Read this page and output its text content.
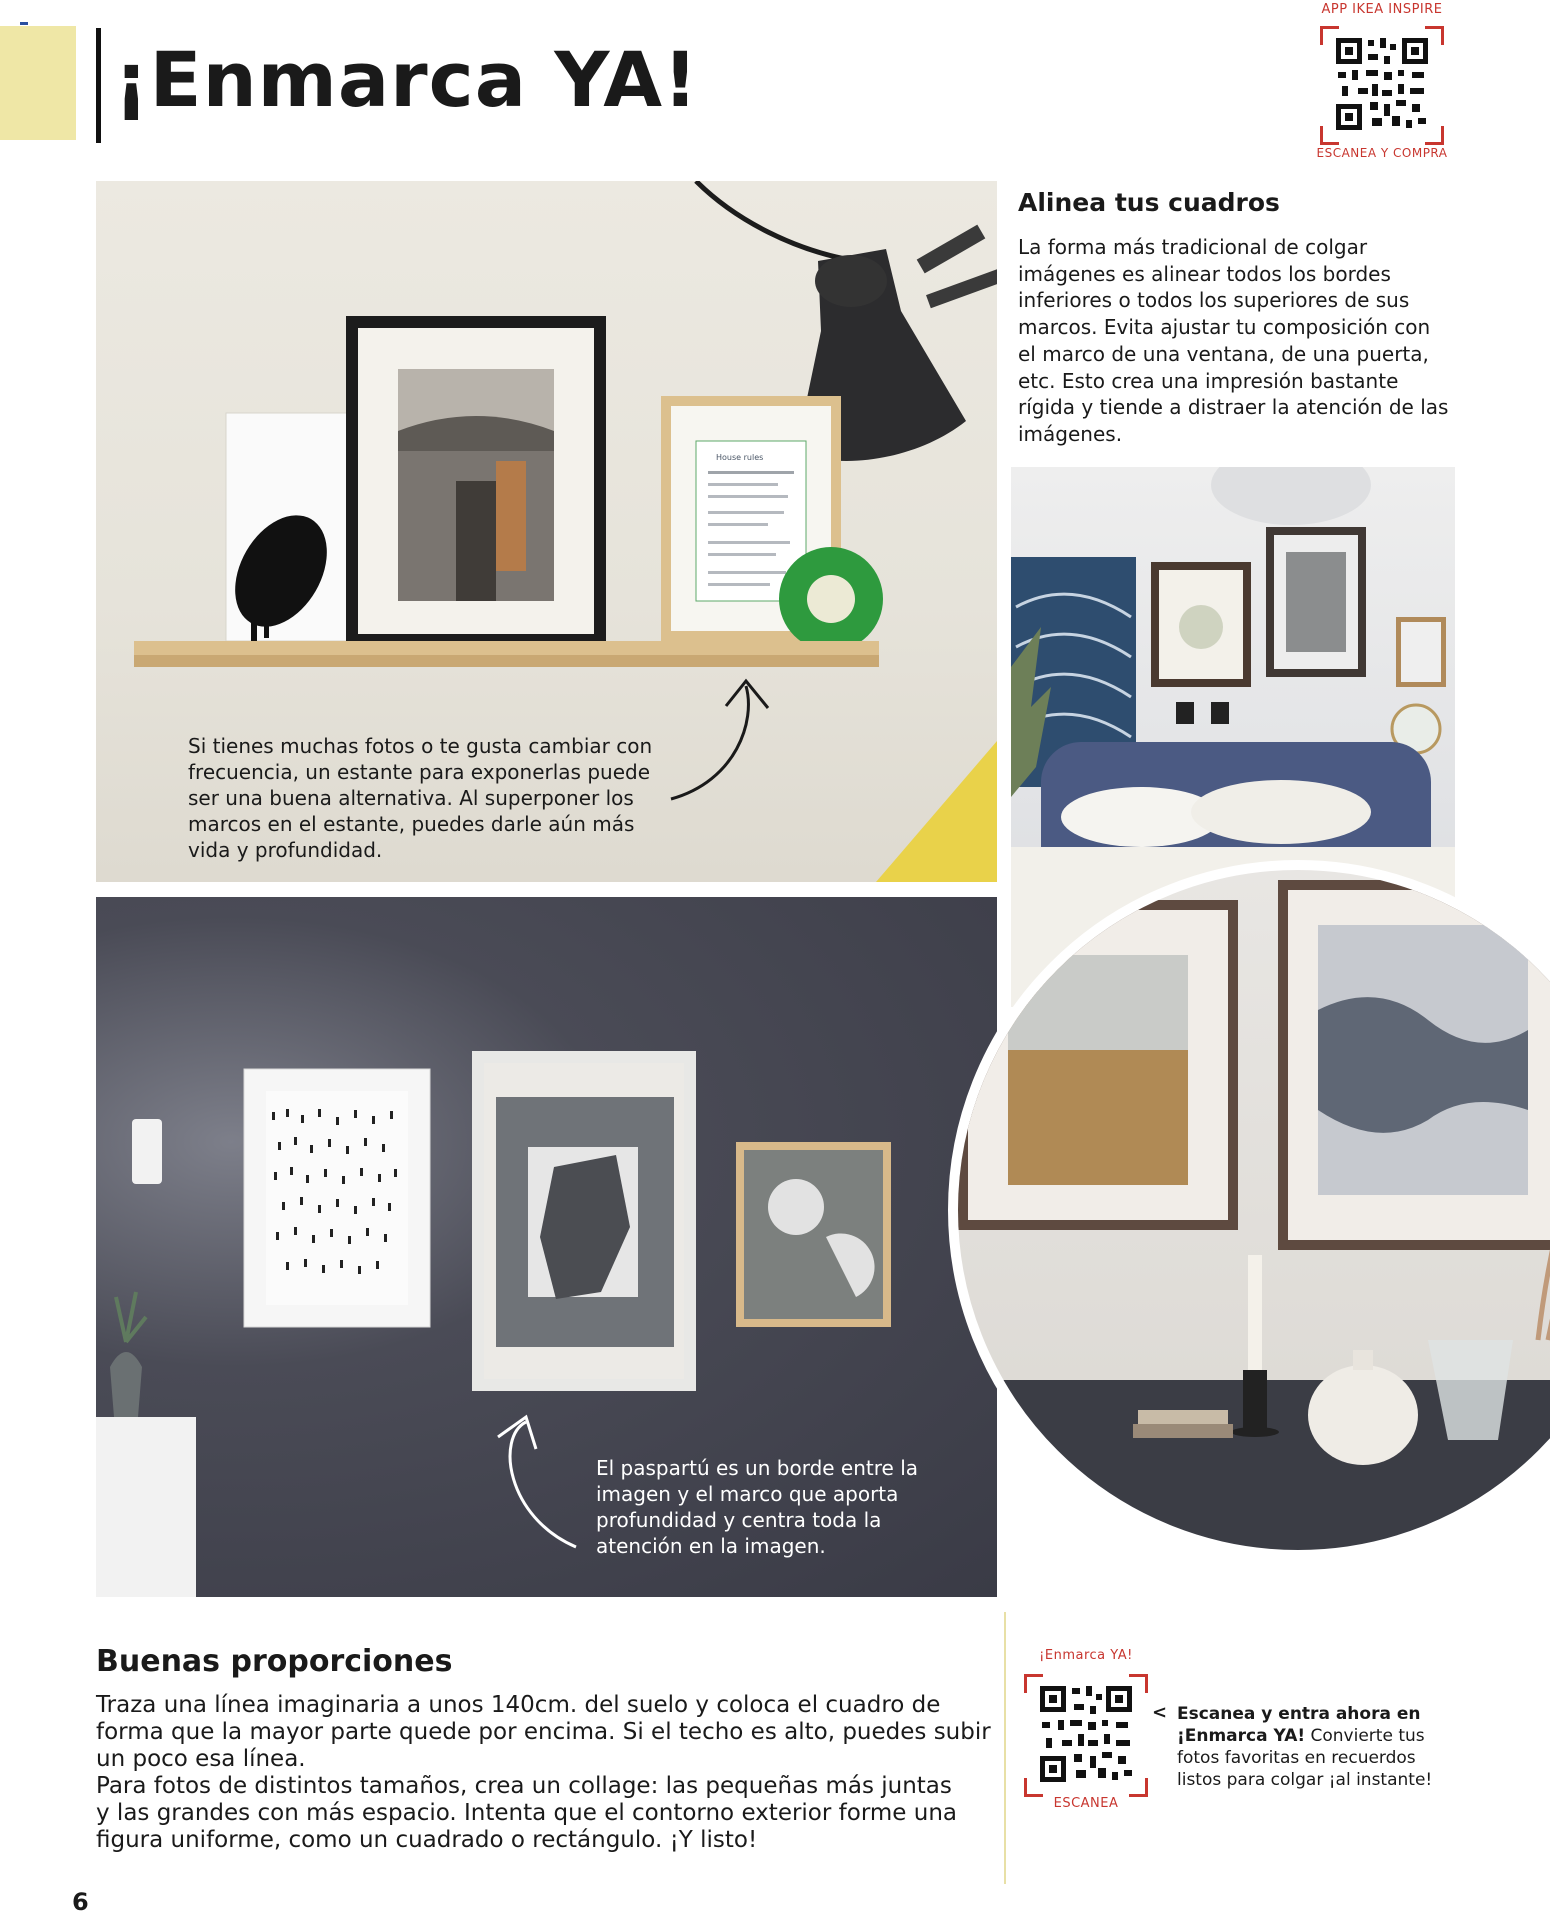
¡Enmarca YA!
APP IKEA INSPIRE
ESCANEA Y COMPRA
Alinea tus cuadros
La forma más tradicional de colgar
imágenes es alinear todos los bordes
inferiores o todos los superiores de sus
marcos. Evita ajustar tu composición con
el marco de una ventana, de una puerta,
etc. Esto crea una impresión bastante
rígida y tiende a distraer la atención de las
imágenes.
House rules
Si tienes muchas fotos o te gusta cambiar con
frecuencia, un estante para exponerlas puede
ser una buena alternativa. Al superponer los
marcos en el estante, puedes darle aún más
vida y profundidad.
El paspartú es un borde entre la
imagen y el marco que aporta
profundidad y centra toda la
atención en la imagen.
Buenas proporciones
Traza una línea imaginaria a unos 140cm. del suelo y coloca el cuadro de
forma que la mayor parte quede por encima. Si el techo es alto, puedes subir
un poco esa línea.
Para fotos de distintos tamaños, crea un collage: las pequeñas más juntas
y las grandes con más espacio. Intenta que el contorno exterior forme una
figura uniforme, como un cuadrado o rectángulo. ¡Y listo!
¡Enmarca YA!
ESCANEA
< Escanea y entra ahora en
¡Enmarca YA! Convierte tus
fotos favoritas en recuerdos
listos para colgar ¡al instante!
6
